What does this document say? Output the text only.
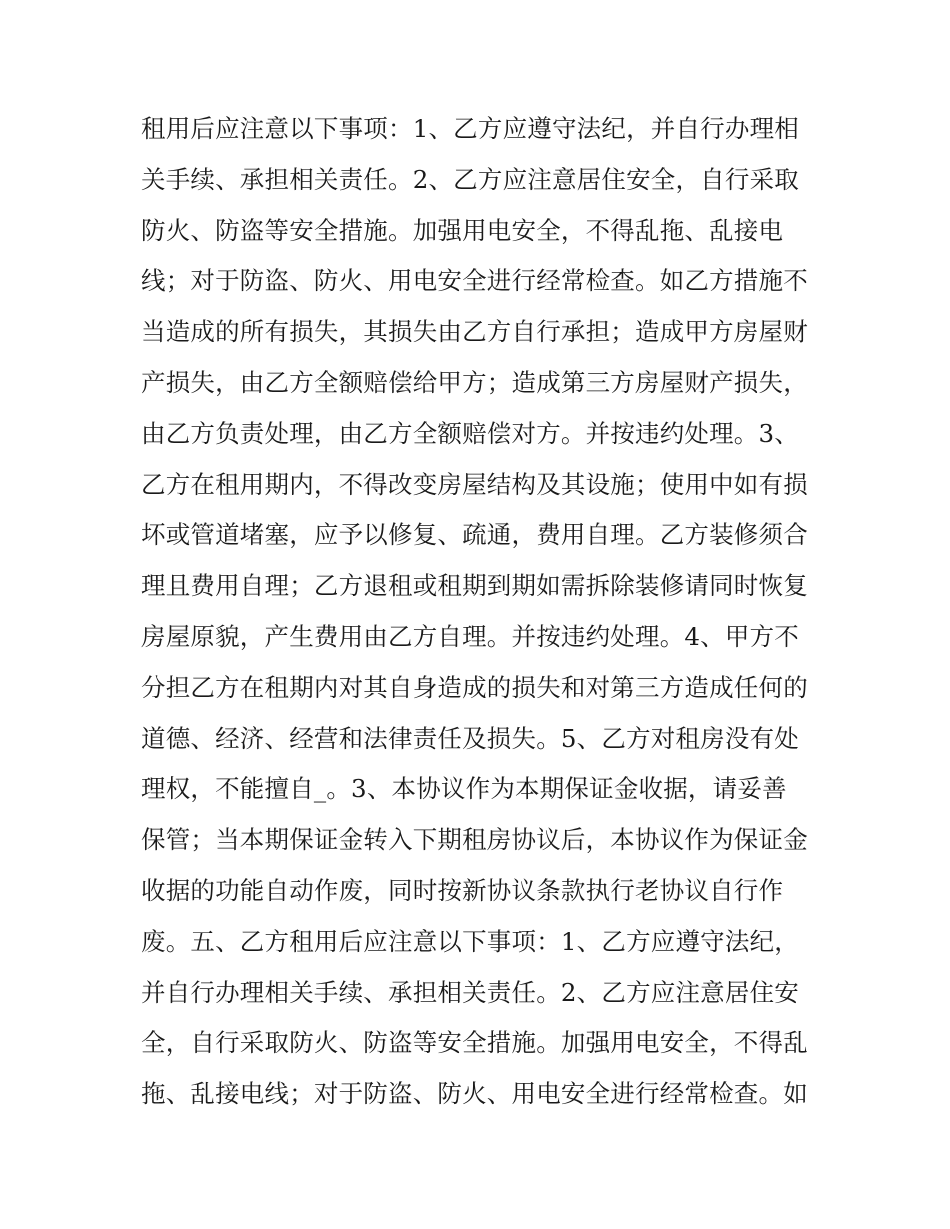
租用后应注意以下事项：1、乙方应遵守法纪，并自行办理相
关手续、承担相关责任。2、乙方应注意居住安全，自行采取
防火、防盗等安全措施。加强用电安全，不得乱拖、乱接电
线；对于防盗、防火、用电安全进行经常检查。如乙方措施不
当造成的所有损失，其损失由乙方自行承担；造成甲方房屋财
产损失，由乙方全额赔偿给甲方；造成第三方房屋财产损失，
由乙方负责处理，由乙方全额赔偿对方。并按违约处理。3、
乙方在租用期内，不得改变房屋结构及其设施；使用中如有损
坏或管道堵塞，应予以修复、疏通，费用自理。乙方装修须合
理且费用自理；乙方退租或租期到期如需拆除装修请同时恢复
房屋原貌，产生费用由乙方自理。并按违约处理。4、甲方不
分担乙方在租期内对其自身造成的损失和对第三方造成任何的
道德、经济、经营和法律责任及损失。5、乙方对租房没有处
理权，不能擅自_。3、本协议作为本期保证金收据，请妥善
保管；当本期保证金转入下期租房协议后，本协议作为保证金
收据的功能自动作废，同时按新协议条款执行老协议自行作
废。五、乙方租用后应注意以下事项：1、乙方应遵守法纪，
并自行办理相关手续、承担相关责任。2、乙方应注意居住安
全，自行采取防火、防盗等安全措施。加强用电安全，不得乱
拖、乱接电线；对于防盗、防火、用电安全进行经常检查。如
